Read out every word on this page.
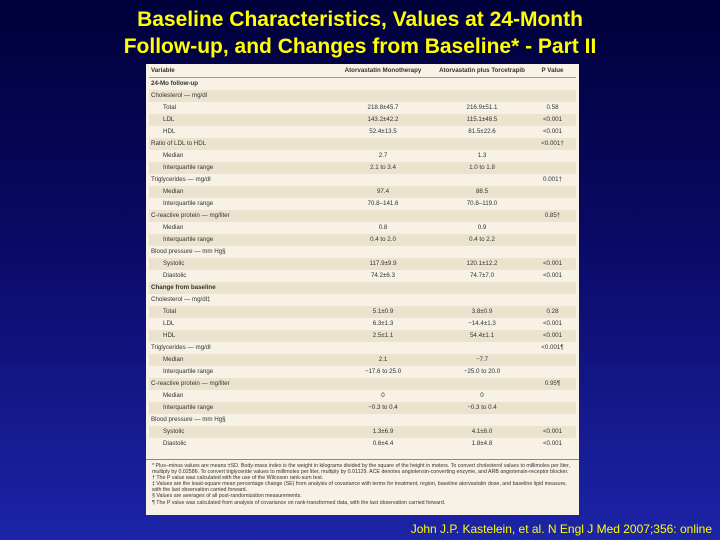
Baseline Characteristics, Values at 24-Month
Follow-up, and Changes from Baseline* - Part II
Variable	Atorvastatin Monotherapy	Atorvastatin plus Torcetrapib	P Value
24-Mo follow-up			
Cholesterol — mg/dl			
Total	218.8±45.7	216.9±51.1	0.58
LDL	143.2±42.2	115.1±48.5	<0.001
HDL	52.4±13.5	81.5±22.6	<0.001
Ratio of LDL to HDL			<0.001†
Median	2.7	1.3	
Interquartile range	2.1 to 3.4	1.0 to 1.8	
Triglycerides — mg/dl			0.001†
Median	97.4	88.5	
Interquartile range	70.8–141.6	70.8–119.0	
C-reactive protein — mg/liter			0.85†
Median	0.8	0.9	
Interquartile range	0.4 to 2.0	0.4 to 2.2	
Blood pressure — mm Hg§			
Systolic	117.9±9.9	120.1±12.2	<0.001
Diastolic	74.2±6.3	74.7±7.0	<0.001
Change from baseline			
Cholesterol — mg/dl‡			
Total	5.1±0.9	3.8±0.9	0.28
LDL	6.3±1.3	−14.4±1.3	<0.001
HDL	2.5±1.1	54.4±1.1	<0.001
Triglycerides — mg/dl			<0.001¶
Median	2.1	−7.7	
Interquartile range	−17.6 to 25.0	−25.0 to 20.0	
C-reactive protein — mg/liter			0.95¶
Median	0	0	
Interquartile range	−0.3 to 0.4	−0.3 to 0.4	
Blood pressure — mm Hg§			
Systolic	1.3±6.9	4.1±8.0	<0.001
Diastolic	0.6±4.4	1.8±4.8	<0.001
* Plus–minus values are means ±SD. Body-mass index is the weight in kilograms divided by the square of the height in meters. To convert cholesterol values to millimoles per liter, multiply by 0.02586. To convert triglyceride values to millimoles per liter, multiply by 0.01129. ACE denotes angiotensin-converting enzyme, and ARB angiotensin-receptor blocker.
† The P value was calculated with the use of the Wilcoxon rank-sum test.
‡ Values are the least-square mean percentage change (SE) from analysis of covariance with terms for treatment, region, baseline atorvastatin dose, and baseline lipid measure, with the last observation carried forward.
§ Values are averages of all post-randomization measurements.
¶ The P value was calculated from analysis of covariance on rank-transformed data, with the last observation carried forward.
John J.P. Kastelein, et al. N Engl J Med 2007;356: online
